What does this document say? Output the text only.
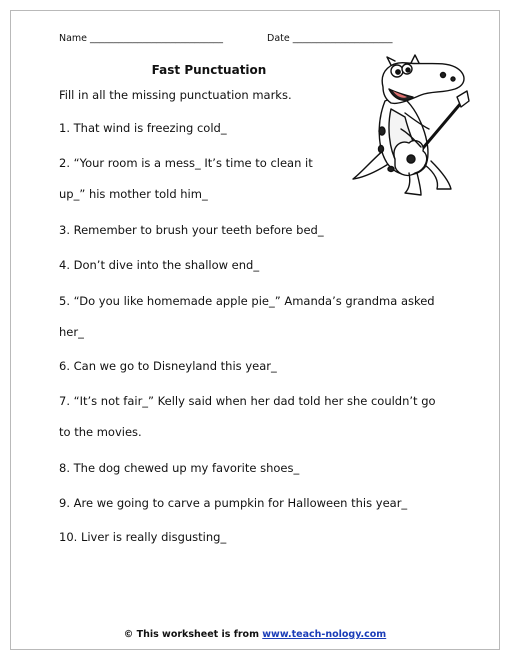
Name ____________________________	Date _____________________
Fast Punctuation
Fill in all the missing punctuation marks.
1. That wind is freezing cold_
2. “Your room is a mess_ It’s time to clean it
up_” his mother told him_
3. Remember to brush your teeth before bed_
4. Don’t dive into the shallow end_
5. “Do you like homemade apple pie_” Amanda’s grandma asked
her_
6. Can we go to Disneyland this year_
7. “It’s not fair_” Kelly said when her dad told her she couldn’t go
to the movies.
8. The dog chewed up my favorite shoes_
9. Are we going to carve a pumpkin for Halloween this year_
10. Liver is really disgusting_
© This worksheet is from www.teach-nology.com
